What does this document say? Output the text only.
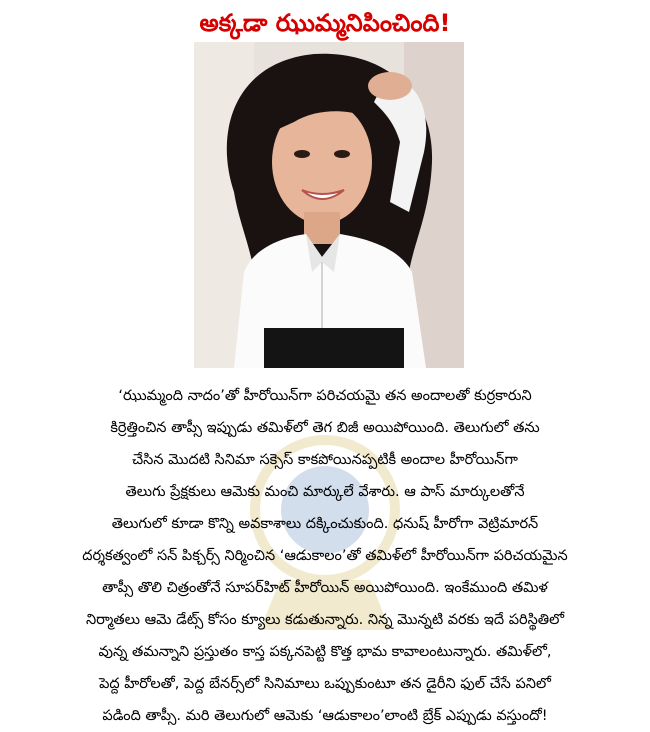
అక్కడా ఝుమ్మనిపించింది!

‘ఝుమ్మంది నాదం’తో హీరోయిన్‌గా పరిచయమై తన అందాలతో కుర్రకారుని

కిర్రెత్తించిన తాప్సీ ఇప్పుడు తమిళ్‌లో తెగ బిజీ అయిపోయింది. తెలుగులో తను

చేసిన మొదటి సినిమా సక్సెస్ కాకపోయినప్పటికీ అందాల హీరోయిన్‌గా

తెలుగు ప్రేక్షకులు ఆమెకు మంచి మార్కులే వేశారు. ఆ పాస్ మార్కులతోనే

తెలుగులో కూడా కొన్ని అవకాశాలు దక్కించుకుంది. ధనుష్ హీరోగా వెట్రిమారన్

దర్శకత్వంలో సన్ పిక్చర్స్ నిర్మించిన ‘ఆడుకాలం’తో తమిళ్‌లో హీరోయిన్‌గా పరిచయమైన

తాప్సీ తొలి చిత్రంతోనే సూపర్‌హిట్ హీరోయిన్ అయిపోయింది. ఇంకేముంది తమిళ

నిర్మాతలు ఆమె డేట్స్ కోసం క్యూలు కడుతున్నారు. నిన్న మొన్నటి వరకు ఇదే పరిస్థితిలో

వున్న తమన్నాని ప్రస్తుతం కాస్త పక్కనపెట్టి కొత్త భామ కావాలంటున్నారు. తమిళ్‌లో,

పెద్ద హీరోలతో, పెద్ద బేనర్స్‌లో సినిమాలు ఒప్పుకుంటూ తన డైరీని ఫుల్ చేసే పనిలో

పడింది తాప్సీ. మరి తెలుగులో ఆమెకు ‘ఆడుకాలం’లాంటి బ్రేక్ ఎప్పుడు వస్తుందో!
